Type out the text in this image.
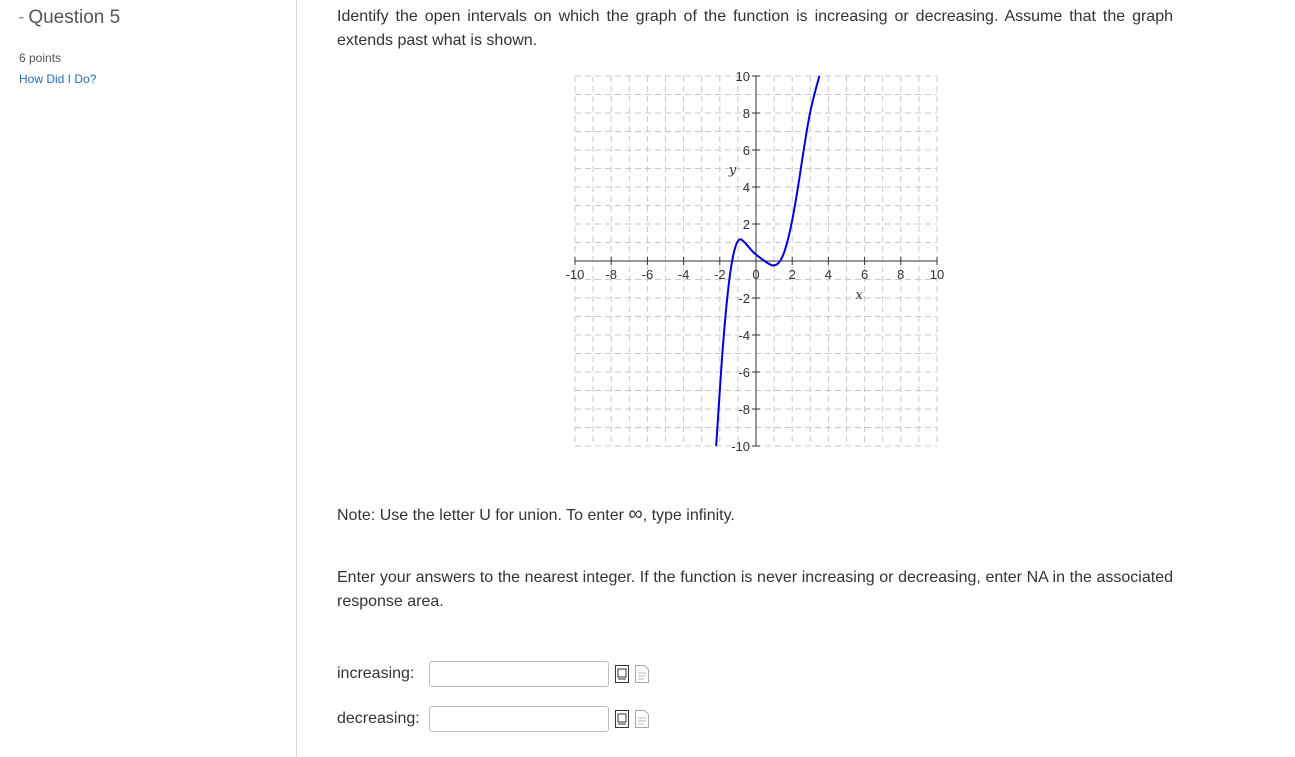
- Question 5
6 points
How Did I Do?
Identify the open intervals on which the graph of the function is increasing or decreasing. Assume that the graph extends past what is shown.
-10 -8 -6 -4 -2 0 2 4 6 8 10
10
8
6
4
2
-2
-4
-6
-8
-10
x
y
Note: Use the letter U for union. To enter ∞, type infinity.
Enter your answers to the nearest integer. If the function is never increasing or decreasing, enter NA in the associated response area.
increasing:
decreasing:
